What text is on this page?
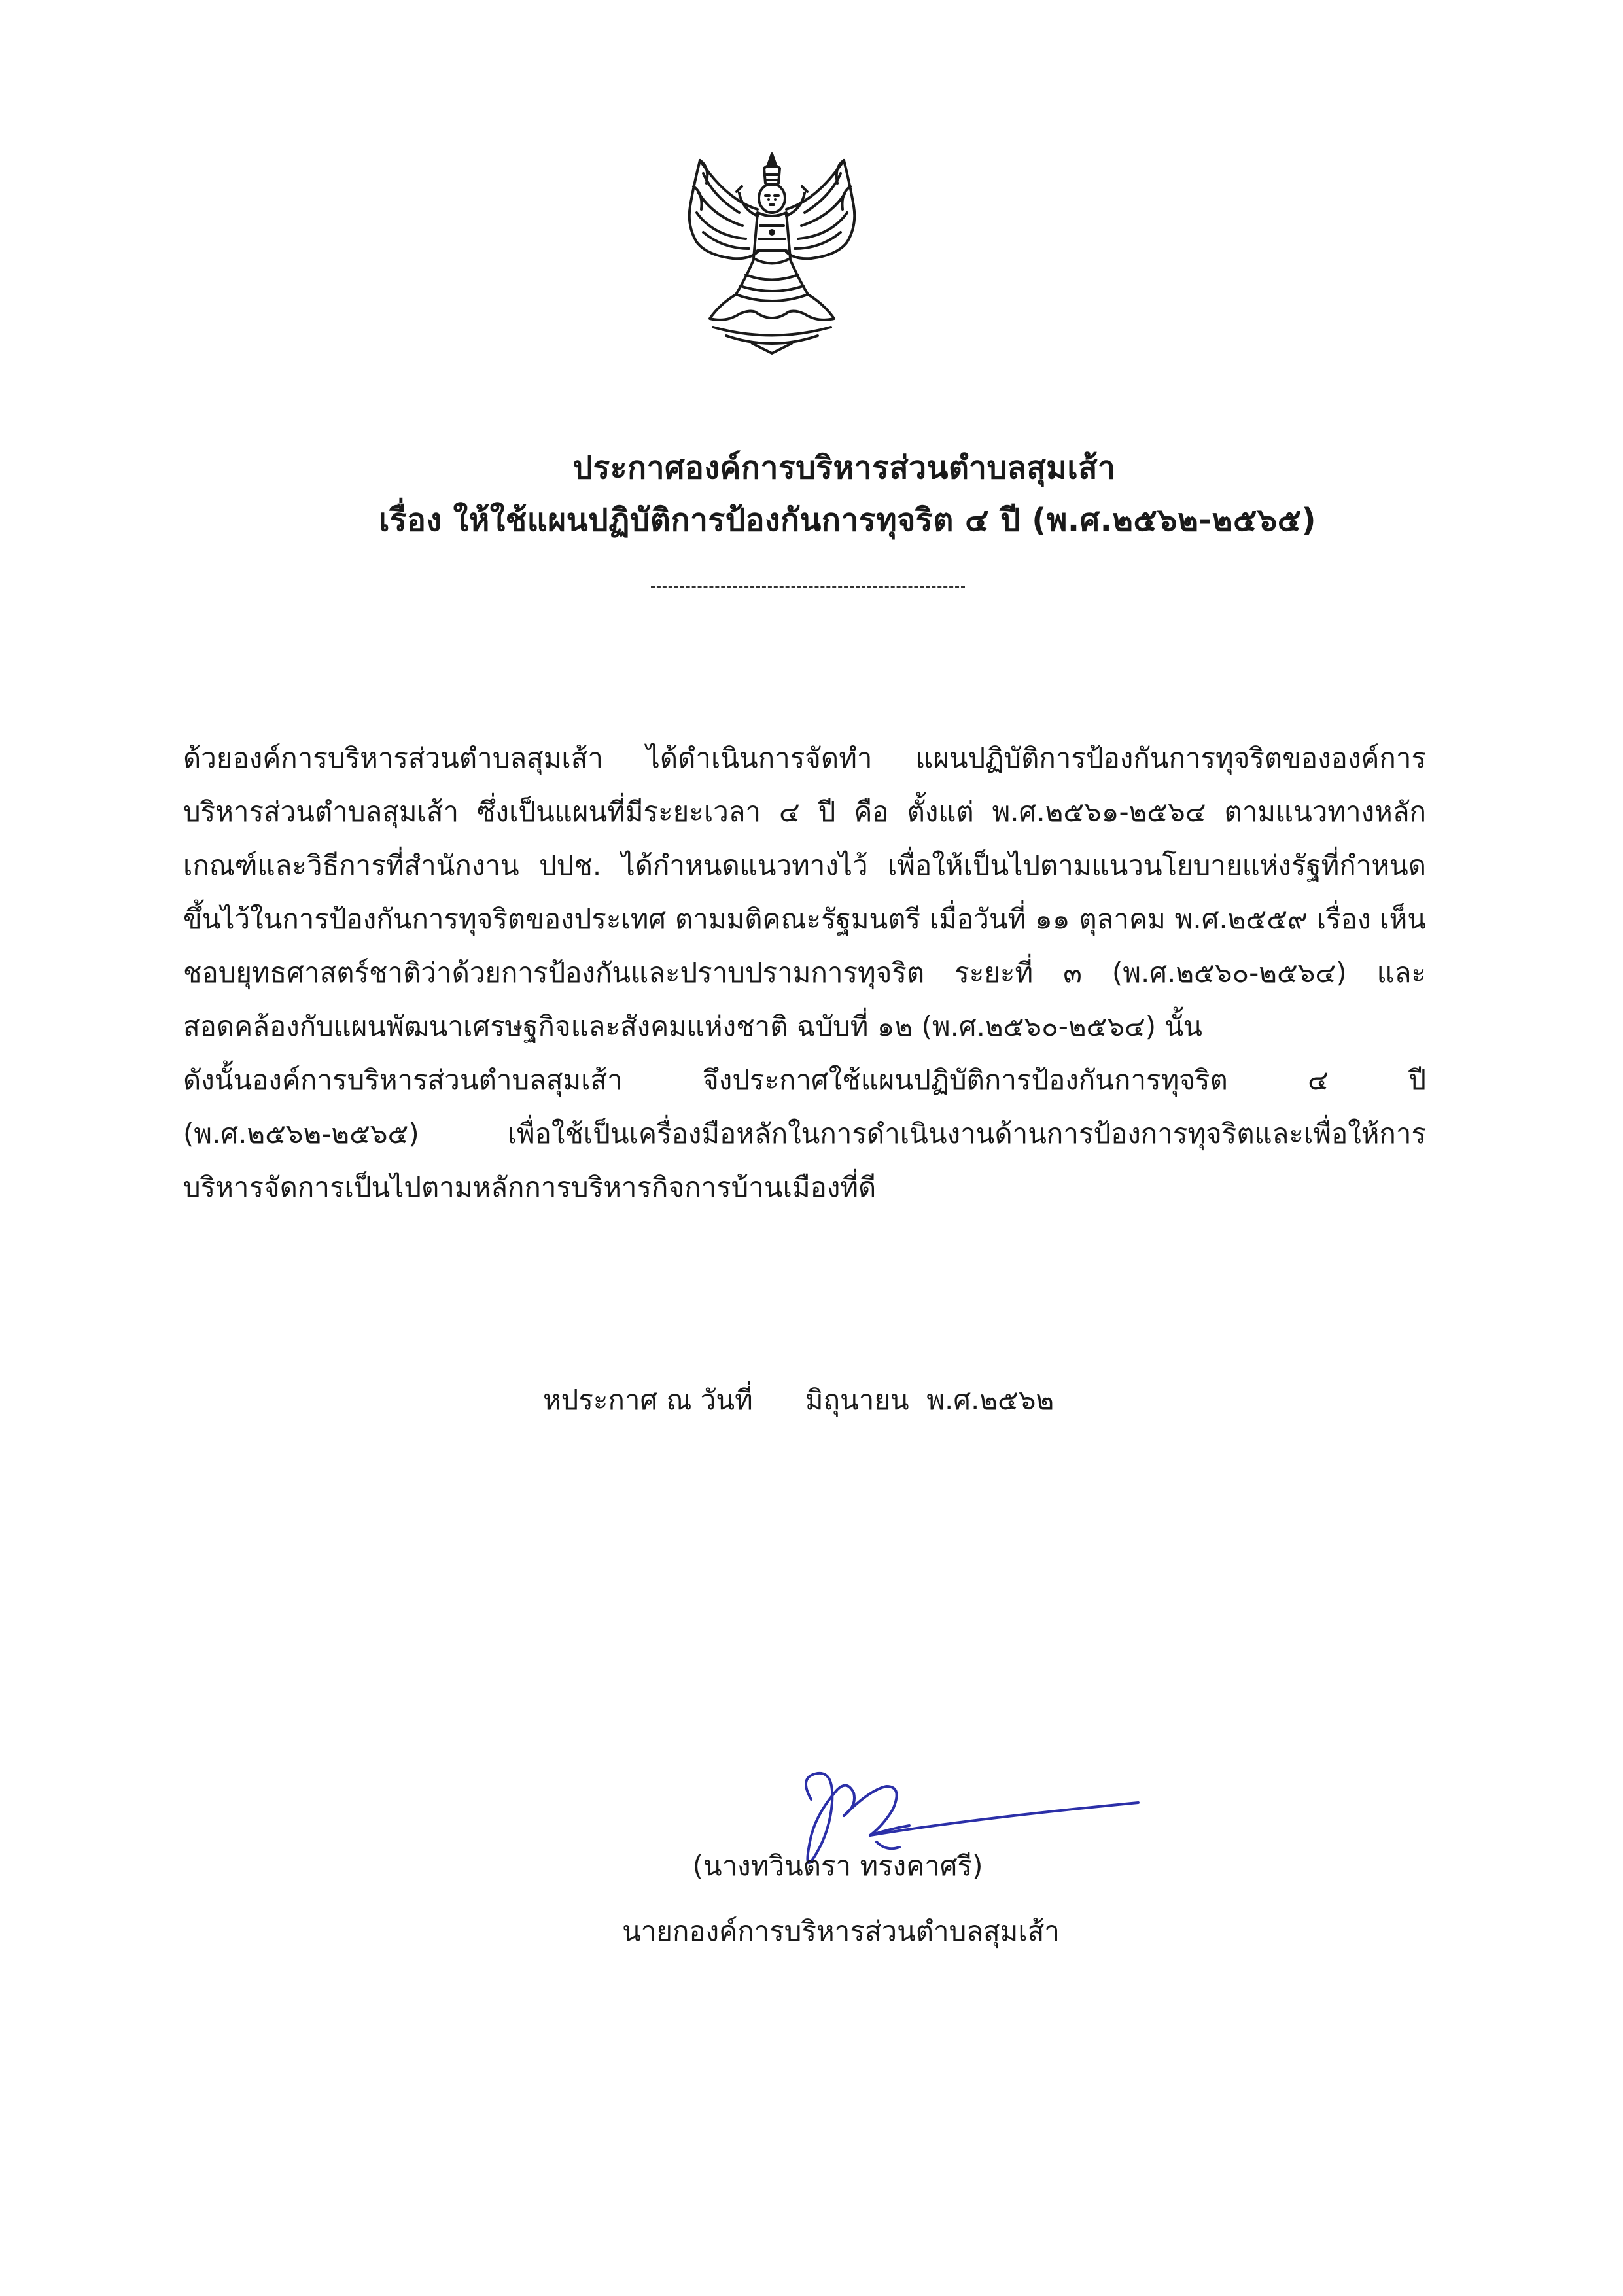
ประกาศองค์การบริหารส่วนตำบลสุมเส้า
เรื่อง ให้ใช้แผนปฏิบัติการป้องกันการทุจริต ๔ ปี (พ.ศ.๒๕๖๒-๒๕๖๕)

ด้วยองค์การบริหารส่วนตำบลสุมเส้า ได้ดำเนินการจัดทำ แผนปฏิบัติการป้องกันการทุจริตขององค์การบริหารส่วนตำบลสุมเส้า ซึ่งเป็นแผนที่มีระยะเวลา ๔ ปี คือ ตั้งแต่ พ.ศ.๒๕๖๑-๒๕๖๔ ตามแนวทางหลักเกณฑ์และวิธีการที่สำนักงาน ปปช. ได้กำหนดแนวทางไว้ เพื่อให้เป็นไปตามแนวนโยบายแห่งรัฐที่กำหนดขึ้นไว้ในการป้องกันการทุจริตของประเทศ ตามมติคณะรัฐมนตรี เมื่อวันที่ ๑๑ ตุลาคม พ.ศ.๒๕๕๙ เรื่อง เห็นชอบยุทธศาสตร์ชาติว่าด้วยการป้องกันและปราบปรามการทุจริต ระยะที่ ๓ (พ.ศ.๒๕๖๐-๒๕๖๔) และ สอดคล้องกับแผนพัฒนาเศรษฐกิจและสังคมแห่งชาติ ฉบับที่ ๑๒ (พ.ศ.๒๕๖๐-๒๕๖๔) นั้น

ดังนั้นองค์การบริหารส่วนตำบลสุมเส้า จึงประกาศใช้แผนปฏิบัติการป้องกันการทุจริต ๔ ปี (พ.ศ.๒๕๖๒-๒๕๖๕) เพื่อใช้เป็นเครื่องมือหลักในการดำเนินงานด้านการป้องการทุจริตและเพื่อให้การบริหารจัดการเป็นไปตามหลักการบริหารกิจการบ้านเมืองที่ดี

หประกาศ ณ วันที่      มิถุนายน  พ.ศ.๒๕๖๒
(นางทวินตรา ทรงคาศรี)
นายกองค์การบริหารส่วนตำบลสุมเส้า
